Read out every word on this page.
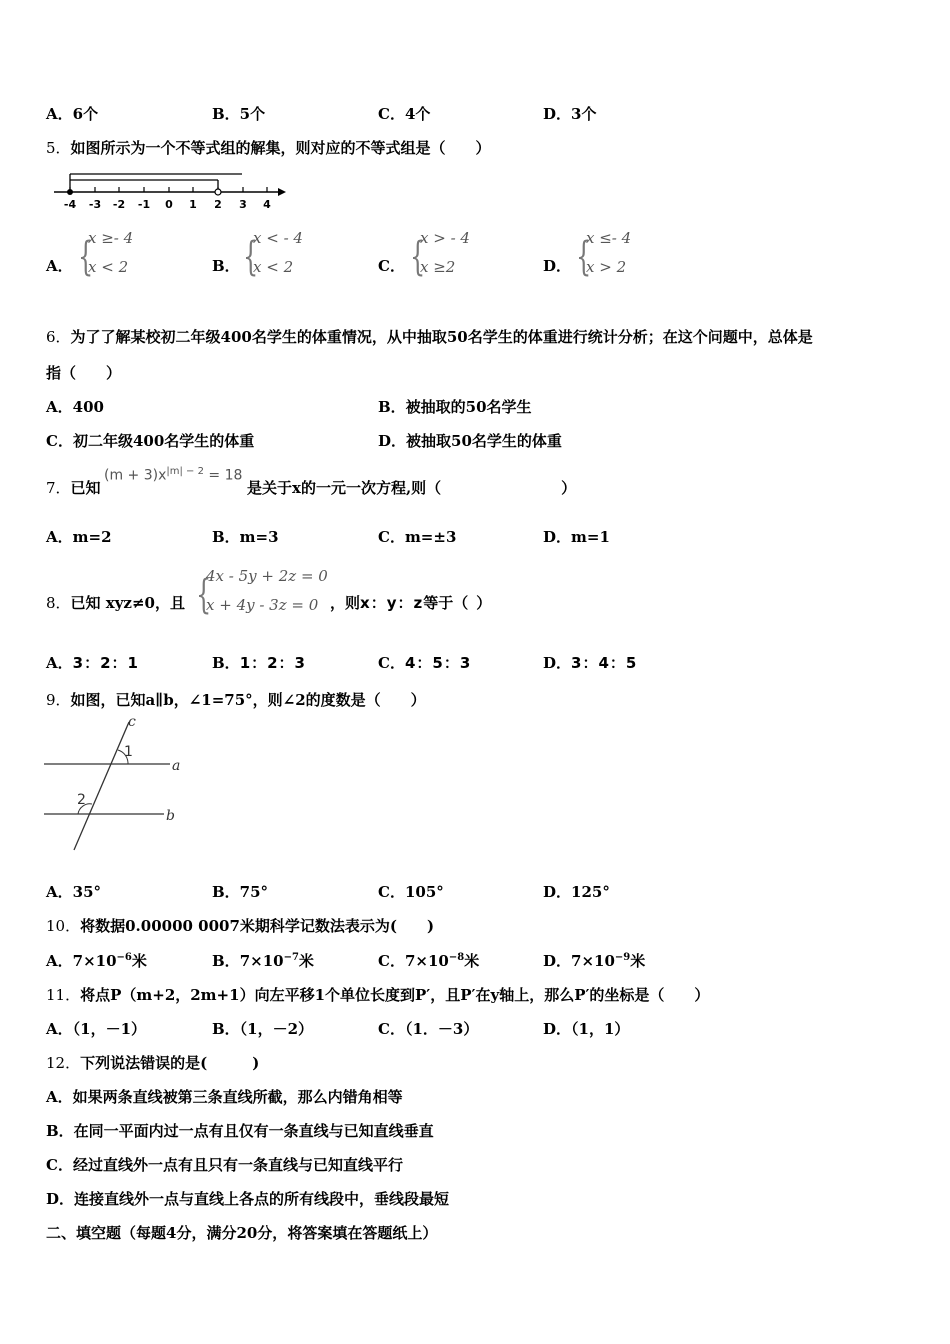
A．6个	B．5个	C．4个	D．3个
5．如图所示为一个不等式组的解集，则对应的不等式组是（　　）
-4 -3 -2 -1 0 1 2 3 4
A． {
x ≥- 4
x < 2	B． {
x < - 4
x < 2	C． {
x > - 4
x ≥2	D． {
x ≤- 4
x > 2
6．为了了解某校初二年级400名学生的体重情况，从中抽取50名学生的体重进行统计分析；在这个问题中，总体是
指（　　）
A．400	B．被抽取的50名学生
C．初二年级400名学生的体重	D．被抽取50名学生的体重
7．已知
$(m + 3)x^{|m| - 2} = 18$
是关于x的一元一次方程,则（　　　　　　　　）
A．m=2	B．m=3	C．m=±3	D．m=1
8．已知 xyz≠0，且 {
4x - 5y + 2z = 0
x + 4y - 3z = 0 ，则x：y：z等于（ ）
A．3：2：1	B．1：2：3	C．4：5：3	D．3：4：5
9．如图，已知a∥b，∠1=75°，则∠2的度数是（　　）
c
a
b
1
2
A．35°	B．75°	C．105°	D．125°
10．将数据0.00000 0007米期科学记数法表示为(　　)
A．$7\times 10^{-6}$米	B．$7\times 10^{-7}$米	C．$7\times 10^{-8}$米	D．$7\times 10^{-9}$米
11．将点P（m+2，2m+1）向左平移1个单位长度到P′，且P′在y轴上，那么P′的坐标是（　　）
A．（1，－1）	B．（1，－2）	C．（1．－3）	D．（1，1）
12．下列说法错误的是(　　　)
A．如果两条直线被第三条直线所截，那么内错角相等
B．在同一平面内过一点有且仅有一条直线与已知直线垂直
C．经过直线外一点有且只有一条直线与已知直线平行
D．连接直线外一点与直线上各点的所有线段中，垂线段最短
二、填空题（每题4分，满分20分，将答案填在答题纸上）
